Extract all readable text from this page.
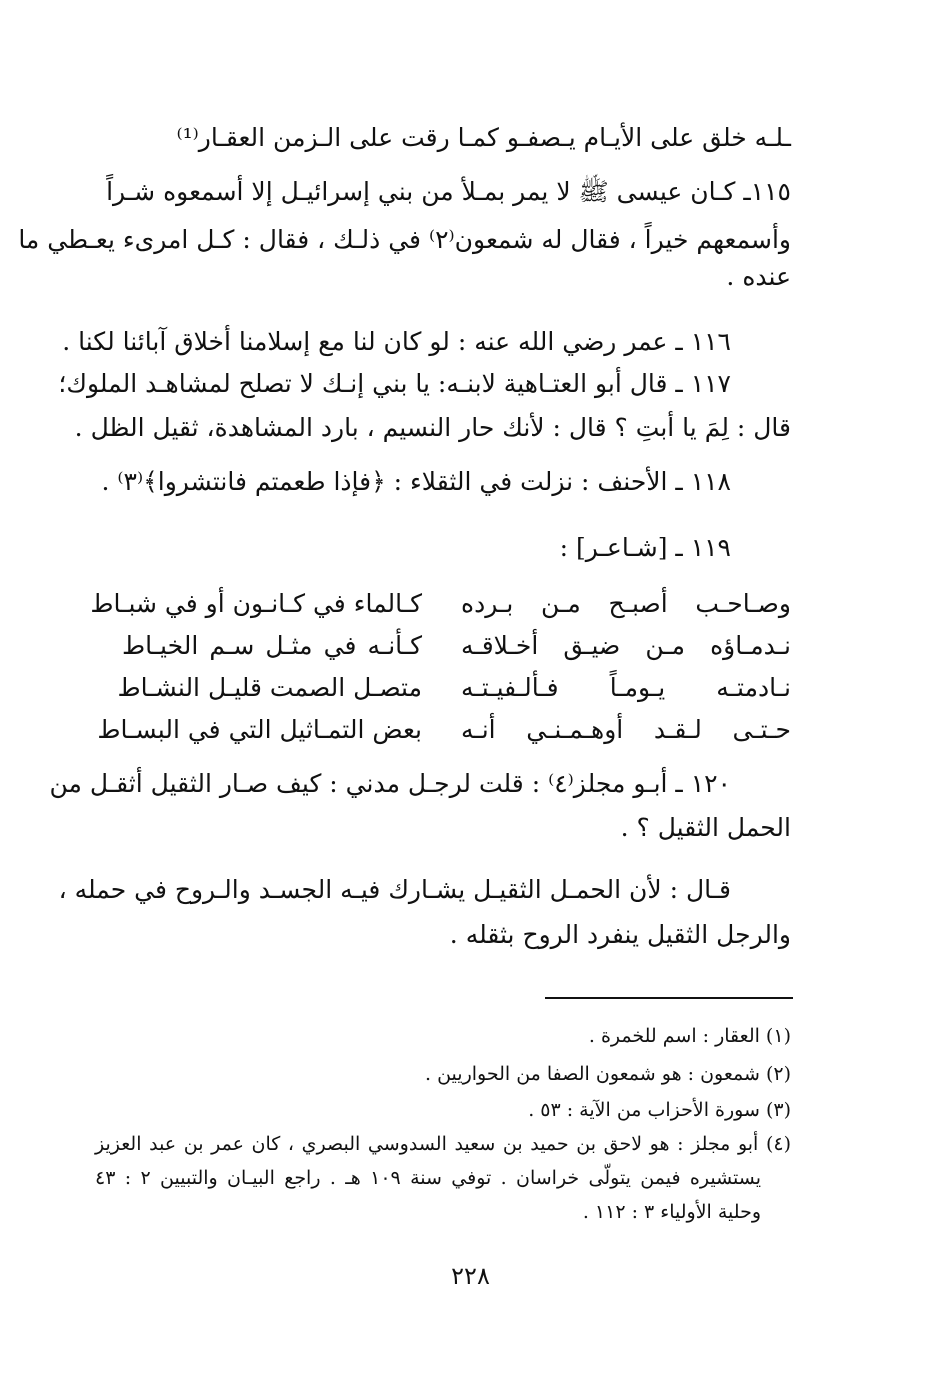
ـلـه خلق على الأيـام يـصفـو كمـا رقت على الـزمن العقـار⁽¹⁾
١١٥ـ كـان عيسى ﷺ لا يمر بمـلأ من بني إسرائيـل إلا أسمعوه شـراً
وأسمعهم خيراً ، فقال له شمعون⁽٢⁾ في ذلـك ، فقال : كـل امرىء يعـطي ما
عنده .
١١٦ ـ عمر رضي الله عنه : لو كان لنا مع إسلامنا أخلاق آبائنا لكنا .
١١٧ ـ قال أبو العتـاهية لابنـه: يا بني إنـك لا تصلح لمشاهـد الملوك؛
قال : لِمَ يا أبتِ ؟ قال : لأنك حار النسيم ، بارد المشاهدة، ثقيل الظل .
١١٨ ـ الأحنف : نزلت في الثقلاء : ﴿فإذا طعمتم فانتشروا﴾⁽٣⁾ .
١١٩ ـ [شـاعـر] :
وصـاحـب أصبـح مـن بـرده
كـالماء في كـانـون أو في شبـاط
نـدمـاؤه مـن ضيـق أخـلاقـه
كـأنـه في مثـل سـم الخيـاط
نـادمتـه يـومـاً فـألـفيـتـه
متصـل الصمت قليـل النشـاط
حـتـى لـقـد أوهـمـنـي أنـه
بعض التمـاثيل التي في البسـاط
١٢٠ ـ أبـو مجلز⁽٤⁾ : قلت لرجـل مدني : كيف صـار الثقيل أثقـل من
الحمل الثقيل ؟ .
قـال : لأن الحمـل الثقيـل يشـارك فيـه الجسـد والـروح في حمله ،
والرجل الثقيل ينفرد الروح بثقله .
(١) العقار : اسم للخمرة .
(٢) شمعون : هو شمعون الصفا من الحواريين .
(٣) سورة الأحزاب من الآية : ٥٣ .
(٤) أبو مجلز : هو لاحق بن حميد بن سعيد السدوسي البصري ، كان عمر بن عبد العزيز
يستشيره فيمن يتولّى خراسان . توفي سنة ١٠٩ هـ . راجع البيـان والتبيين ٢ : ٤٣
وحلية الأولياء ٣ : ١١٢ .
٢٢٨
